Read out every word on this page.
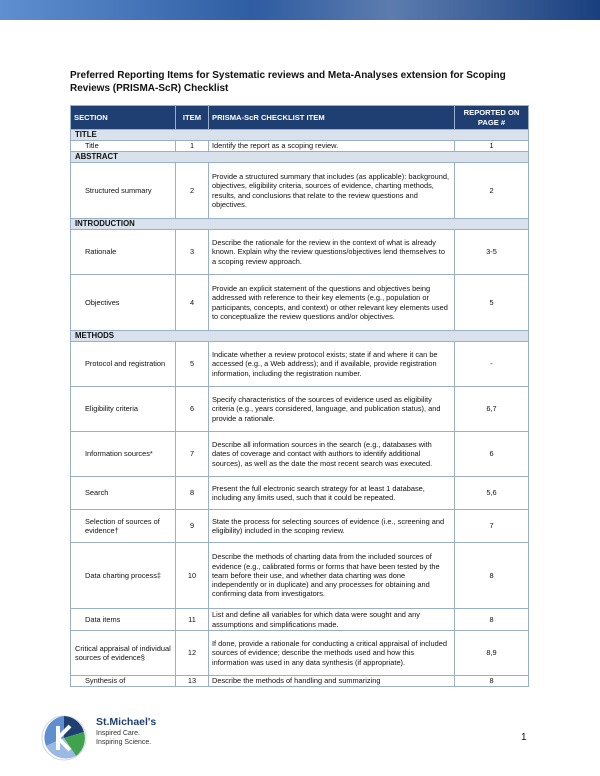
Preferred Reporting Items for Systematic reviews and Meta-Analyses extension for Scoping Reviews (PRISMA-ScR) Checklist
SECTION	ITEM	PRISMA-ScR CHECKLIST ITEM	REPORTED ON PAGE #
TITLE			
Title	1	Identify the report as a scoping review.	1
ABSTRACT			
Structured summary	2	Provide a structured summary that includes (as applicable): background, objectives, eligibility criteria, sources of evidence, charting methods, results, and conclusions that relate to the review questions and objectives.	2
INTRODUCTION			
Rationale	3	Describe the rationale for the review in the context of what is already known. Explain why the review questions/objectives lend themselves to a scoping review approach.	3-5
Objectives	4	Provide an explicit statement of the questions and objectives being addressed with reference to their key elements (e.g., population or participants, concepts, and context) or other relevant key elements used to conceptualize the review questions and/or objectives.	5
METHODS			
Protocol and registration	5	Indicate whether a review protocol exists; state if and where it can be accessed (e.g., a Web address); and if available, provide registration information, including the registration number.	-
Eligibility criteria	6	Specify characteristics of the sources of evidence used as eligibility criteria (e.g., years considered, language, and publication status), and provide a rationale.	6,7
Information sources*	7	Describe all information sources in the search (e.g., databases with dates of coverage and contact with authors to identify additional sources), as well as the date the most recent search was executed.	6
Search	8	Present the full electronic search strategy for at least 1 database, including any limits used, such that it could be repeated.	5,6
Selection of sources of evidence†	9	State the process for selecting sources of evidence (i.e., screening and eligibility) included in the scoping review.	7
Data charting process‡	10	Describe the methods of charting data from the included sources of evidence (e.g., calibrated forms or forms that have been tested by the team before their use, and whether data charting was done independently or in duplicate) and any processes for obtaining and confirming data from investigators.	8
Data items	11	List and define all variables for which data were sought and any assumptions and simplifications made.	8
Critical appraisal of individual sources of evidence§	12	If done, provide a rationale for conducting a critical appraisal of included sources of evidence; describe the methods used and how this information was used in any data synthesis (if appropriate).	8,9
Synthesis of	13	Describe the methods of handling and summarizing	8
St.Michael's
Inspired Care.
Inspiring Science.	1
